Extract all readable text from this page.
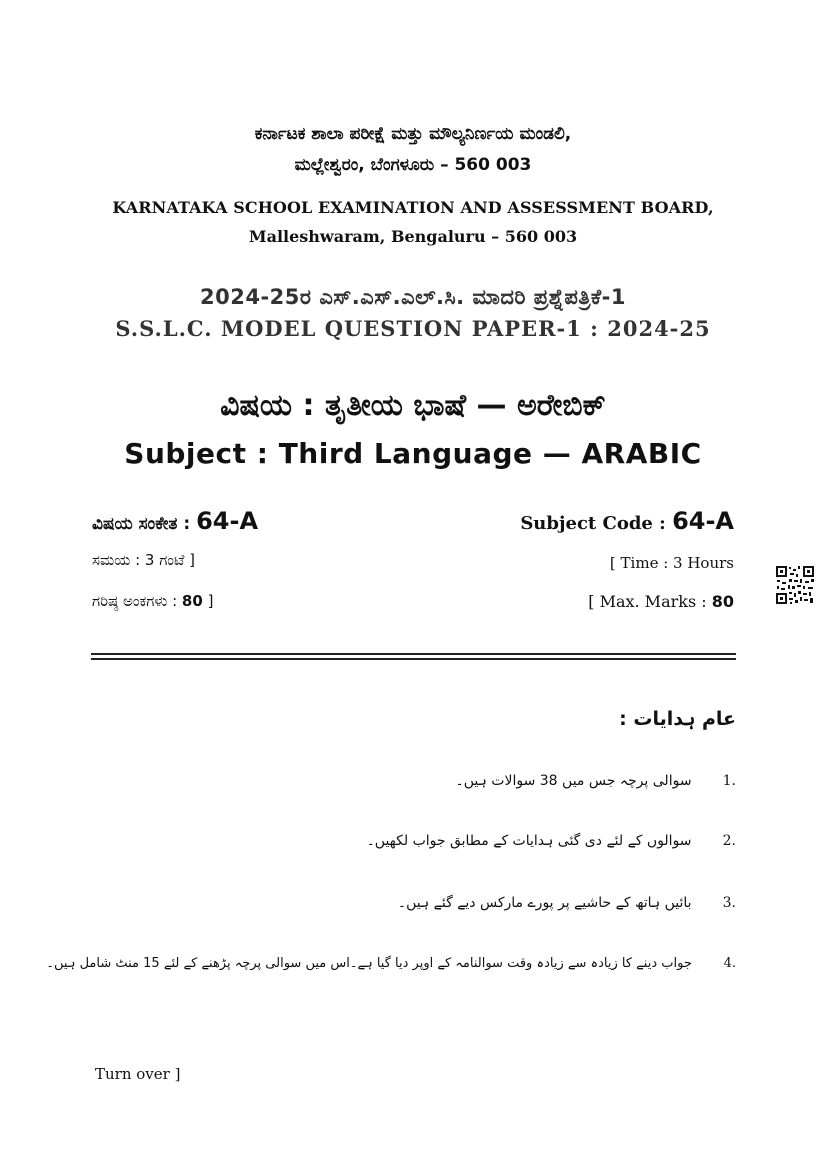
ಕರ್ನಾಟಕ ಶಾಲಾ ಪರೀಕ್ಷೆ ಮತ್ತು ಮೌಲ್ಯನಿರ್ಣಯ ಮಂಡಲಿ,
ಮಲ್ಲೇಶ್ವರಂ, ಬೆಂಗಳೂರು – 560 003
KARNATAKA SCHOOL EXAMINATION AND ASSESSMENT BOARD,
Malleshwaram, Bengaluru – 560 003
2024-25ರ ಎಸ್.ಎಸ್.ಎಲ್.ಸಿ. ಮಾದರಿ ಪ್ರಶ್ನೆಪತ್ರಿಕೆ-1
S.S.L.C. MODEL QUESTION PAPER-1 : 2024-25
ವಿಷಯ : ತೃತೀಯ ಭಾಷೆ — ಅರೇಬಿಕ್
Subject : Third Language — ARABIC
ವಿಷಯ ಸಂಕೇತ : 64-A	Subject Code : 64-A
ಸಮಯ : 3 ಗಂಟೆ ]	[ Time : 3 Hours
ಗರಿಷ್ಠ ಅಂಕಗಳು : 80 ]	[ Max. Marks : 80
عام ہدایات :
1. سوالی پرچہ جس میں 38 سوالات ہیں۔
2. سوالوں کے لئے دی گئی ہدایات کے مطابق جواب لکھیں۔
3. بائیں ہاتھ کے حاشیے پر پورے مارکس دیے گئے ہیں۔
4. جواب دینے کا زیادہ سے زیادہ وقت سوالنامہ کے اوپر دیا گیا ہے۔اس میں سوالی پرچہ پڑھنے کے لئے 15 منٹ شامل ہیں۔
Turn over ]
